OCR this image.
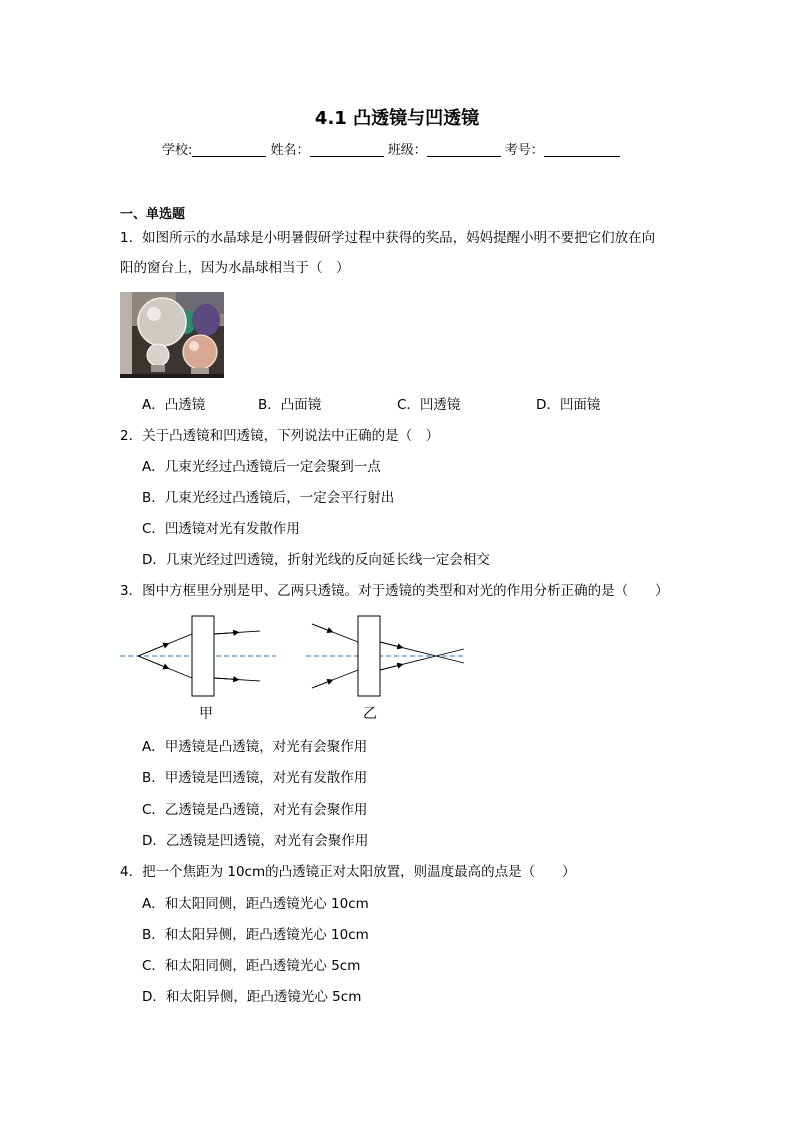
4.1 凸透镜与凹透镜
学校:	姓名：	班级：	考号：
一、单选题
1．如图所示的水晶球是小明暑假研学过程中获得的奖品，妈妈提醒小明不要把它们放在向
阳的窗台上，因为水晶球相当于（　）
A．凸透镜	B．凸面镜	C．凹透镜	D．凹面镜
2．关于凸透镜和凹透镜，下列说法中正确的是（　）
A．几束光经过凸透镜后一定会聚到一点
B．几束光经过凸透镜后，一定会平行射出
C．凹透镜对光有发散作用
D．几束光经过凹透镜，折射光线的反向延长线一定会相交
3．图中方框里分别是甲、乙两只透镜。对于透镜的类型和对光的作用分析正确的是（　　）
甲	乙
A．甲透镜是凸透镜，对光有会聚作用
B．甲透镜是凹透镜，对光有发散作用
C．乙透镜是凸透镜，对光有会聚作用
D．乙透镜是凹透镜，对光有会聚作用
4．把一个焦距为 10cm的凸透镜正对太阳放置，则温度最高的点是（　　）
A．和太阳同侧，距凸透镜光心 10cm
B．和太阳异侧，距凸透镜光心 10cm
C．和太阳同侧，距凸透镜光心 5cm
D．和太阳异侧，距凸透镜光心 5cm
